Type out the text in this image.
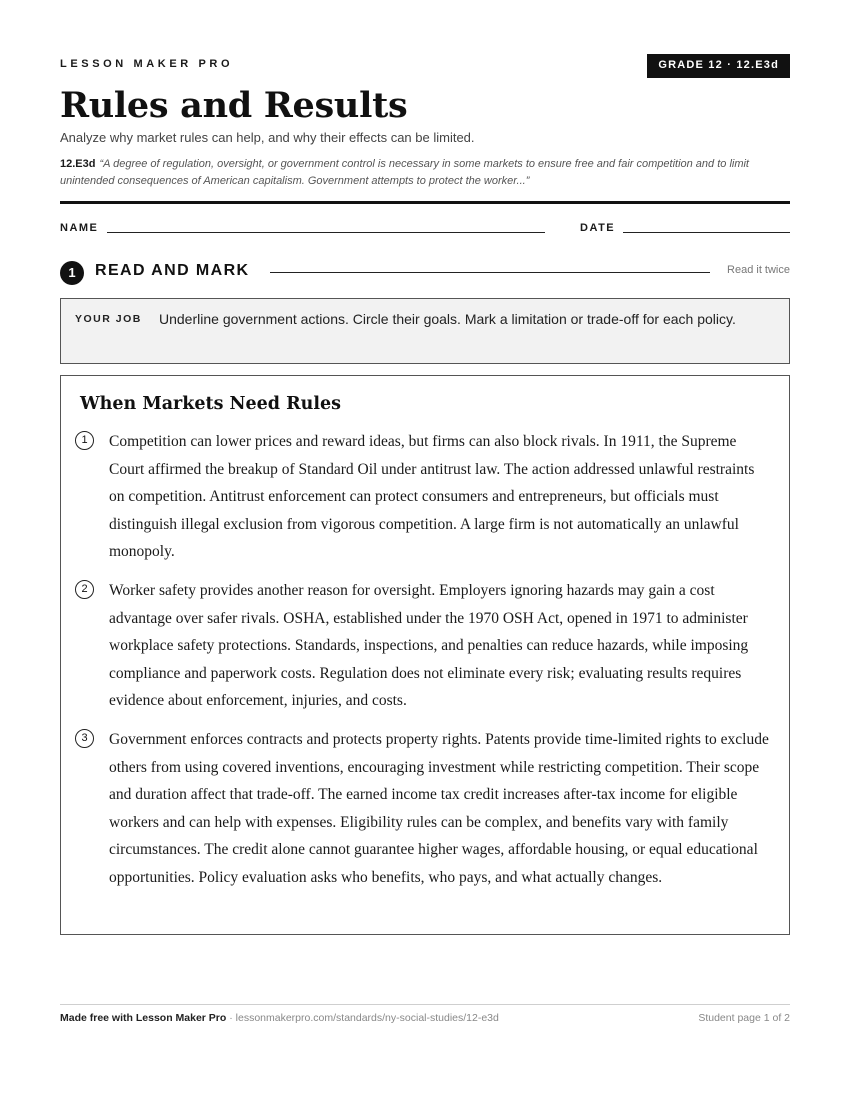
LESSON MAKER PRO	GRADE 12 · 12.E3d
Rules and Results
Analyze why market rules can help, and why their effects can be limited.
12.E3d “A degree of regulation, oversight, or government control is necessary in some markets to ensure free and fair competition and to limit unintended consequences of American capitalism. Government attempts to protect the worker...”
NAME	DATE
1	READ AND MARK	Read it twice
YOUR JOB Underline government actions. Circle their goals. Mark a limitation or trade-off for each policy.
When Markets Need Rules
1	Competition can lower prices and reward ideas, but firms can also block rivals. In 1911, the Supreme Court affirmed the breakup of Standard Oil under antitrust law. The action addressed unlawful restraints on competition. Antitrust enforcement can protect consumers and entrepreneurs, but officials must distinguish illegal exclusion from vigorous competition. A large firm is not automatically an unlawful monopoly.
2	Worker safety provides another reason for oversight. Employers ignoring hazards may gain a cost advantage over safer rivals. OSHA, established under the 1970 OSH Act, opened in 1971 to administer workplace safety protections. Standards, inspections, and penalties can reduce hazards, while imposing compliance and paperwork costs. Regulation does not eliminate every risk; evaluating results requires evidence about enforcement, injuries, and costs.
3	Government enforces contracts and protects property rights. Patents provide time-limited rights to exclude others from using covered inventions, encouraging investment while restricting competition. Their scope and duration affect that trade-off. The earned income tax credit increases after-tax income for eligible workers and can help with expenses. Eligibility rules can be complex, and benefits vary with family circumstances. The credit alone cannot guarantee higher wages, affordable housing, or equal educational opportunities. Policy evaluation asks who benefits, who pays, and what actually changes.
Made free with Lesson Maker Pro · lessonmakerpro.com/standards/ny-social-studies/12-e3d	Student page 1 of 2
